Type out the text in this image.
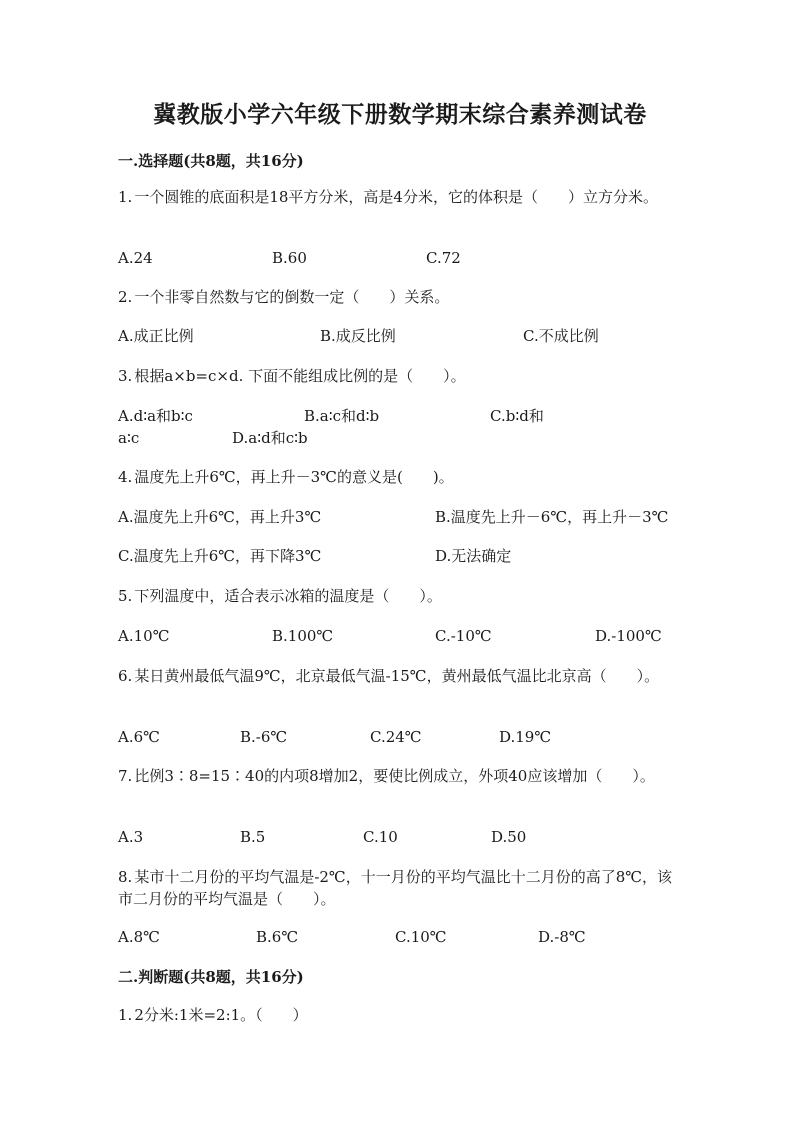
冀教版小学六年级下册数学期末综合素养测试卷
一.选择题(共8题，共16分)
1. 一个圆锥的底面积是18平方分米，高是4分米，它的体积是（　　）立方分米。
A.24	B.60	C.72
2. 一个非零自然数与它的倒数一定（　　）关系。
A.成正比例	B.成反比例	C.不成比例
3. 根据a×b=c×d. 下面不能组成比例的是（　　）。
A.d∶a和b∶c	B.a∶c和d∶b	C.b∶d和
a∶c	D.a∶d和c∶b
4. 温度先上升6℃，再上升－3℃的意义是(　　)。
A.温度先上升6℃，再上升3℃	B.温度先上升－6℃，再上升－3℃
C.温度先上升6℃，再下降3℃	D.无法确定
5. 下列温度中，适合表示冰箱的温度是（　　）。
A.10℃	B.100℃	C.-10℃	D.-100℃
6. 某日黄州最低气温9℃，北京最低气温-15℃，黄州最低气温比北京高（　　）。
A.6℃	B.-6℃	C.24℃	D.19℃
7. 比例3∶8=15∶40的内项8增加2，要使比例成立，外项40应该增加（　　）。
A.3	B.5	C.10	D.50
8. 某市十二月份的平均气温是-2℃，十一月份的平均气温比十二月份的高了8℃，该市二月份的平均气温是（　　）。
A.8℃	B.6℃	C.10℃	D.-8℃
二.判断题(共8题，共16分)
1. 2分米:1米=2:1。（　　）
